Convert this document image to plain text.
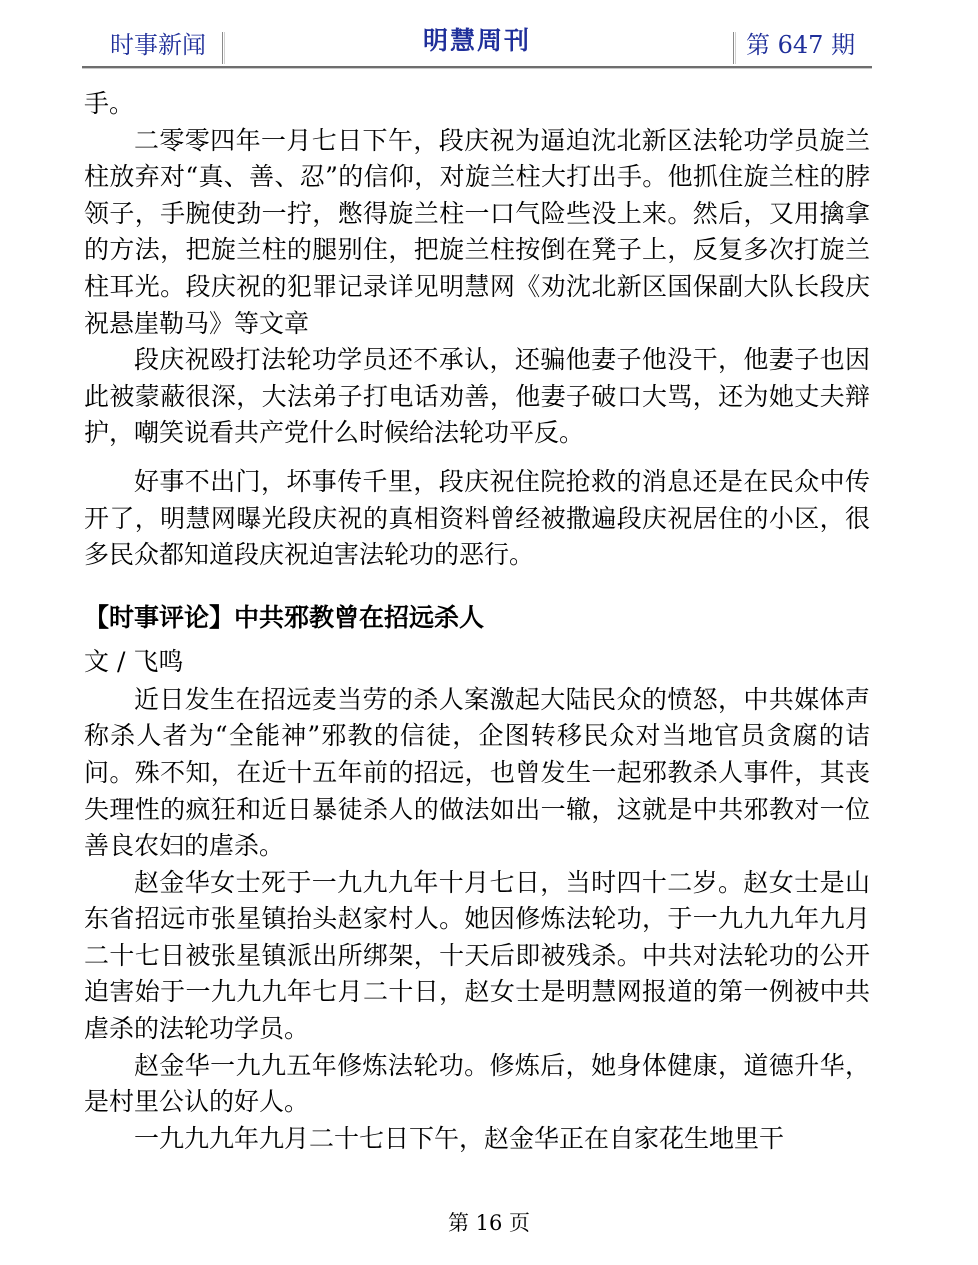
时事新闻	明慧周刊	第 647 期

手。

二零零四年一月七日下午，段庆祝为逼迫沈北新区法轮功学员旋兰柱放弃对“真、善、忍”的信仰，对旋兰柱大打出手。他抓住旋兰柱的脖领子，手腕使劲一拧，憋得旋兰柱一口气险些没上来。然后，又用擒拿的方法，把旋兰柱的腿别住，把旋兰柱按倒在凳子上，反复多次打旋兰柱耳光。段庆祝的犯罪记录详见明慧网《劝沈北新区国保副大队长段庆祝悬崖勒马》等文章

段庆祝殴打法轮功学员还不承认，还骗他妻子他没干，他妻子也因此被蒙蔽很深，大法弟子打电话劝善，他妻子破口大骂，还为她丈夫辩护，嘲笑说看共产党什么时候给法轮功平反。

好事不出门，坏事传千里，段庆祝住院抢救的消息还是在民众中传开了，明慧网曝光段庆祝的真相资料曾经被撒遍段庆祝居住的小区，很多民众都知道段庆祝迫害法轮功的恶行。

【时事评论】中共邪教曾在招远杀人

文 / 飞鸣

近日发生在招远麦当劳的杀人案激起大陆民众的愤怒，中共媒体声称杀人者为“全能神”邪教的信徒，企图转移民众对当地官员贪腐的诘问。殊不知，在近十五年前的招远，也曾发生一起邪教杀人事件，其丧失理性的疯狂和近日暴徒杀人的做法如出一辙，这就是中共邪教对一位善良农妇的虐杀。

赵金华女士死于一九九九年十月七日，当时四十二岁。赵女士是山东省招远市张星镇抬头赵家村人。她因修炼法轮功，于一九九九年九月二十七日被张星镇派出所绑架，十天后即被残杀。中共对法轮功的公开迫害始于一九九九年七月二十日，赵女士是明慧网报道的第一例被中共虐杀的法轮功学员。

赵金华一九九五年修炼法轮功。修炼后，她身体健康，道德升华，是村里公认的好人。

一九九九年九月二十七日下午，赵金华正在自家花生地里干

第 16 页
